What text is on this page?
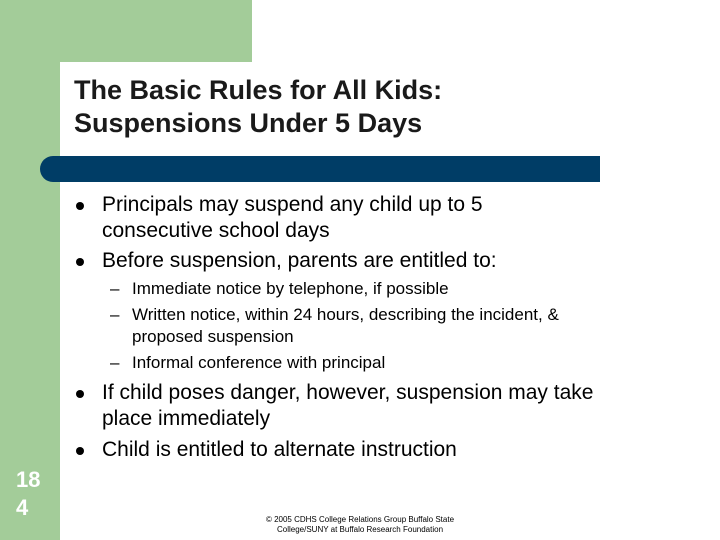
The Basic Rules for All Kids:
Suspensions Under 5 Days
Principals may suspend any child up to 5
consecutive school days
Before suspension, parents are entitled to:
– Immediate notice by telephone, if possible
– Written notice, within 24 hours, describing the incident, &
proposed suspension
– Informal conference with principal
If child poses danger, however, suspension may take
place immediately
Child is entitled to alternate instruction
18
4	© 2005 CDHS College Relations Group Buffalo State
College/SUNY at Buffalo Research Foundation
